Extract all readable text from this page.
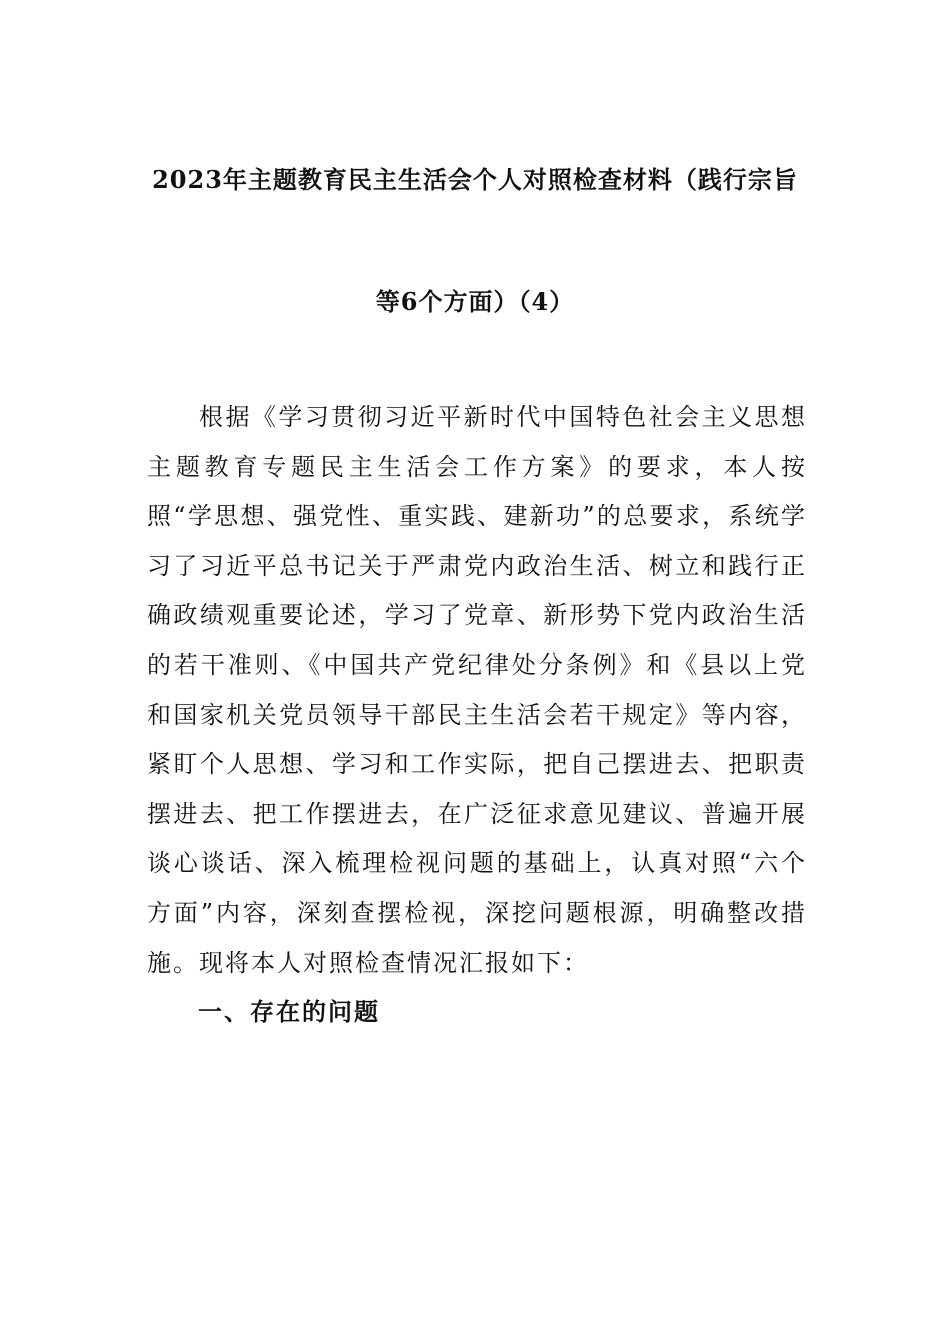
2023年主题教育民主生活会个人对照检查材料（践行宗旨
等6个方面）（4）

根据《学习贯彻习近平新时代中国特色社会主义思想主题教育专题民主生活会工作方案》的要求，本人按照“学思想、强党性、重实践、建新功”的总要求，系统学习了习近平总书记关于严肃党内政治生活、树立和践行正确政绩观重要论述，学习了党章、新形势下党内政治生活的若干准则、《中国共产党纪律处分条例》和《县以上党和国家机关党员领导干部民主生活会若干规定》等内容，紧盯个人思想、学习和工作实际，把自己摆进去、把职责摆进去、把工作摆进去，在广泛征求意见建议、普遍开展谈心谈话、深入梳理检视问题的基础上，认真对照“六个方面”内容，深刻查摆检视，深挖问题根源，明确整改措施。现将本人对照检查情况汇报如下：

一、存在的问题
